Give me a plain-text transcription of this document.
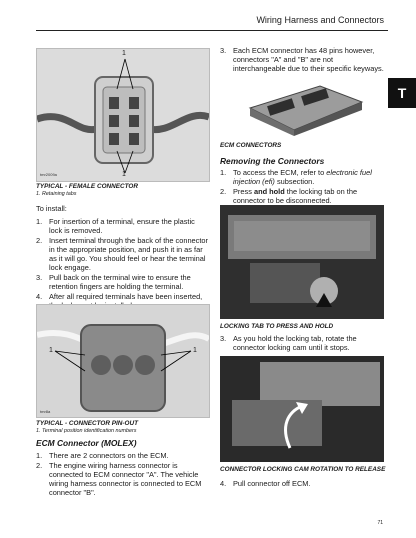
Wiring Harness and Connectors
T
1
1
tmr2009a
TYPICAL - FEMALE CONNECTOR
1. Retaining tabs
To install:
1. For insertion of a terminal, ensure the plastic lock is removed.
2. Insert terminal through the back of the connector in the appropriate position, and push it in as far as it will go. You should feel or hear the terminal lock engage.
3. Pull back on the terminal wire to ensure the retention fingers are holding the terminal.
4. After all required terminals have been inserted,
1	1
tmr8a
TYPICAL - CONNECTOR PIN-OUT
1. Terminal position identification numbers
ECM Connector (MOLEX)
1. There are 2 connectors on the ECM.
2. The engine wiring harness connector is connected to ECM connector "A". The vehicle wiring harness connector is connected to ECM connector "B".
3. Each ECM connector has 48 pins however, connectors "A" and "B" are not interchangeable due to their specific keyways.
ECM CONNECTORS
Removing the Connectors
1. To access the ECM, refer to electronic fuel injection (efi) subsection.
2. Press and hold the locking tab on the connector to be disconnected.
LOCKING TAB TO PRESS AND HOLD
3. As you hold the locking tab, rotate the connector locking cam until it stops.
CONNECTOR LOCKING CAM ROTATION TO RELEASE
4. Pull connector off ECM.
71
